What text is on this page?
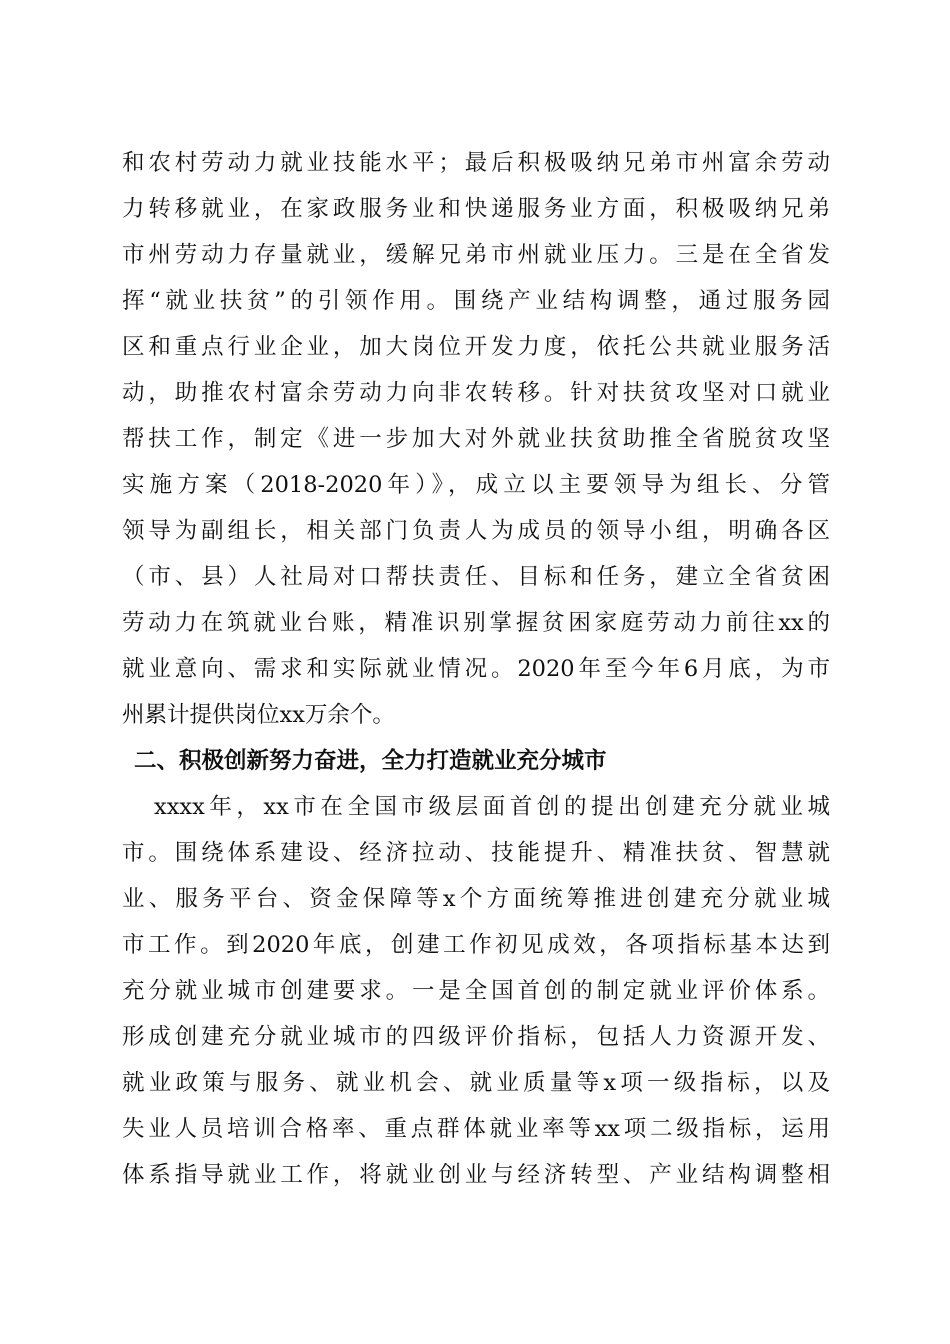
和农村劳动力就业技能水平；最后积极吸纳兄弟市州富余劳动
力转移就业，在家政服务业和快递服务业方面，积极吸纳兄弟
市州劳动力存量就业，缓解兄弟市州就业压力。三是在全省发
挥“就业扶贫”的引领作用。围绕产业结构调整，通过服务园
区和重点行业企业，加大岗位开发力度，依托公共就业服务活
动，助推农村富余劳动力向非农转移。针对扶贫攻坚对口就业
帮扶工作，制定《进一步加大对外就业扶贫助推全省脱贫攻坚
实施方案（2018-2020年）》，成立以主要领导为组长、分管
领导为副组长，相关部门负责人为成员的领导小组，明确各区
（市、县）人社局对口帮扶责任、目标和任务，建立全省贫困
劳动力在筑就业台账，精准识别掌握贫困家庭劳动力前往xx的
就业意向、需求和实际就业情况。2020年至今年6月底，为市
州累计提供岗位xx万余个。
二、积极创新努力奋进，全力打造就业充分城市
xxxx年，xx市在全国市级层面首创的提出创建充分就业城
市。围绕体系建设、经济拉动、技能提升、精准扶贫、智慧就
业、服务平台、资金保障等x个方面统筹推进创建充分就业城
市工作。到2020年底，创建工作初见成效，各项指标基本达到
充分就业城市创建要求。一是全国首创的制定就业评价体系。
形成创建充分就业城市的四级评价指标，包括人力资源开发、
就业政策与服务、就业机会、就业质量等x项一级指标，以及
失业人员培训合格率、重点群体就业率等xx项二级指标，运用
体系指导就业工作，将就业创业与经济转型、产业结构调整相
